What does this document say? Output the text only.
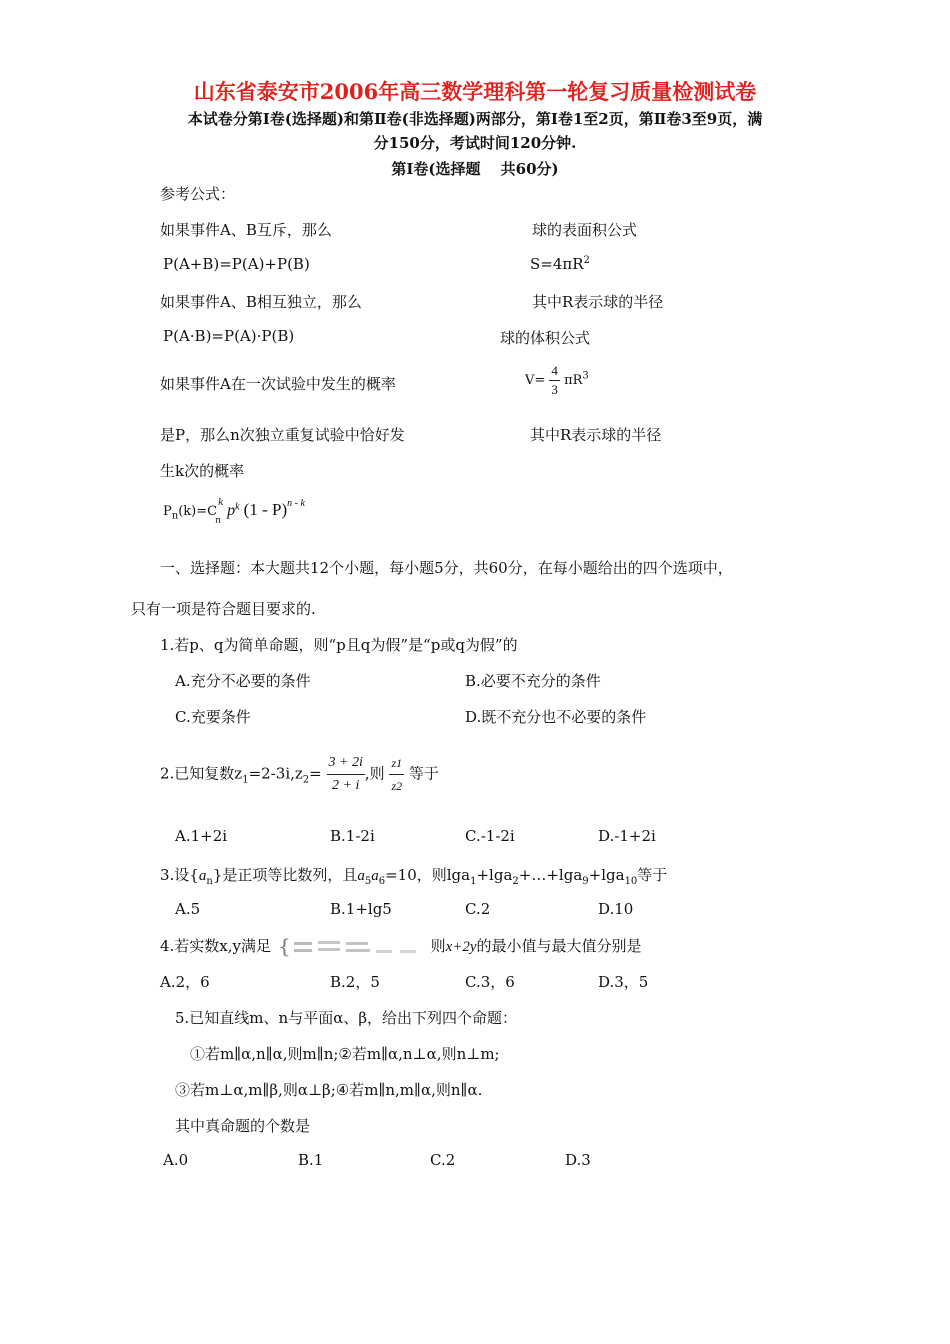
山东省泰安市2006年高三数学理科第一轮复习质量检测试卷
本试卷分第Ⅰ卷(选择题)和第Ⅱ卷(非选择题)两部分，第Ⅰ卷1至2页，第Ⅱ卷3至9页，满
分150分，考试时间120分钟.
第Ⅰ卷(选择题　 共60分)
参考公式：
如果事件A、B互斥，那么	球的表面积公式
P(A+B)=P(A)+P(B)	$S=4\pi R^2$
如果事件A、B相互独立，那么	其中R表示球的半径
P(A·B)=P(A)·P(B)	球的体积公式
如果事件A在一次试验中发生的概率	$V= \frac{4}{3} \pi R^3$
是P，那么n次独立重复试验中恰好发	其中R表示球的半径
生k次的概率
$P_n(k)=C$
k
n
$p^k$ (1 - P)$^{n - k}$
一、选择题：本大题共12个小题，每小题5分，共60分，在每小题给出的四个选项中，
只有一项是符合题目要求的.
1.若p、q为简单命题，则“p且q为假”是“p或q为假”的
A.充分不必要的条件	B.必要不充分的条件
C.充要条件	D.既不充分也不必要的条件
2.已知复数$z_1=2-3i,z_2= \frac{3 + 2i}{2 + i}$ ,则 $\frac{z1}{z2}$ 等于
A.1+2i	B.1-2i	C.-1-2i	D.-1+2i
3.设$\{a_n\}$是正项等比数列，且$a_5a_6=10$，则lga$_1$+lga$_2$+…+lga$_9$+lga$_{10}$等于
A.5	B.1+lg5	C.2	D.10
4.若实数x,y满足 {	则x+2y的最小值与最大值分别是
A.2，6	B.2，5	C.3，6	D.3，5
5.已知直线m、n与平面α、β，给出下列四个命题：
①若m∥α,n∥α,则m∥n;②若m∥α,n⊥α,则n⊥m;
③若m⊥α,m∥β,则α⊥β;④若m∥n,m∥α,则n∥α.
其中真命题的个数是
A.0	B.1	C.2	D.3
